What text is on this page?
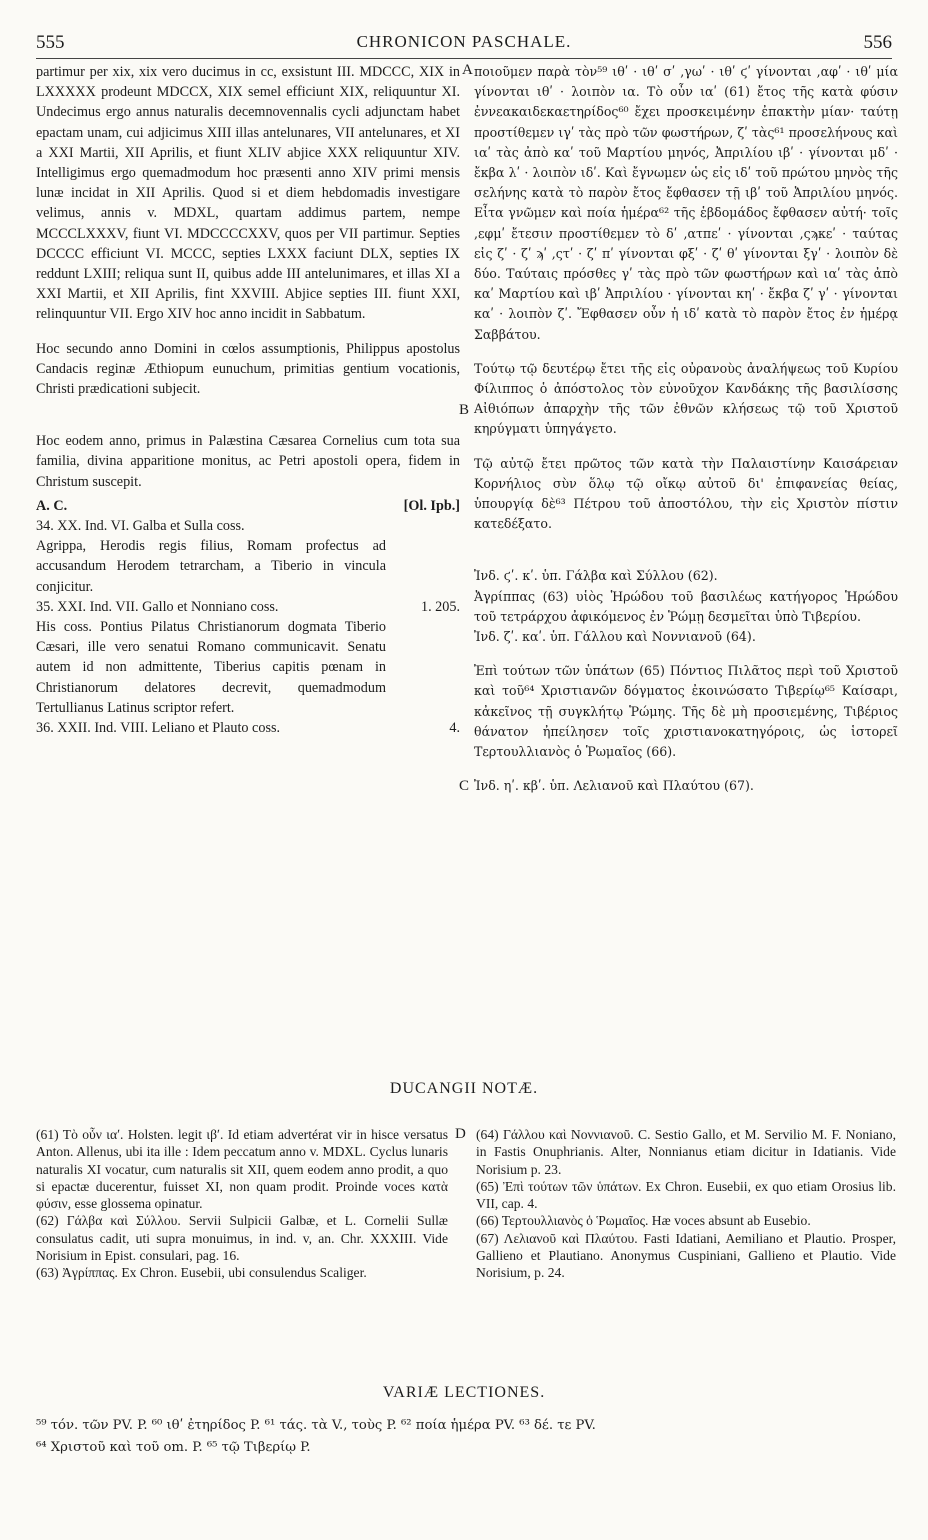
555	CHRONICON PASCHALE.	556

partimur per xix, xix vero ducimus in cc, exsistunt III. MDCCC, XIX in LXXXXX prodeunt MDCCX, XIX semel efficiunt XIX, reliquuntur XI. Undecimus ergo annus naturalis decemnovennalis cycli adjunctam habet epactam unam, cui adjicimus XIII illas antelunares, VII antelunares, et XI a XXI Martii, XII Aprilis, et fiunt XLIV abjice XXX reliquuntur XIV. Intelligimus ergo quemadmodum hoc præsenti anno XIV primi mensis lunæ incidat in XII Aprilis. Quod si et diem hebdomadis investigare velimus, annis v. MDXL, quartam addimus partem, nempe MCCCLXXXV, fiunt VI. MDCCCCXXV, quos per VII partimur. Septies DCCCC efficiunt VI. MCCC, septies LXXX faciunt DLX, septies IX reddunt LXIII; reliqua sunt II, quibus adde III antelunimares, et illas XI a XXI Martii, et XII Aprilis, fint XXVIII. Abjice septies III. fiunt XXI, relinquuntur VII. Ergo XIV hoc anno incidit in Sabbatum.

Hoc secundo anno Domini in cœlos assumptionis, Philippus apostolus Candacis reginæ Æthiopum eunuchum, primitias gentium vocationis, Christi prædicationi subjecit.

Hoc eodem anno, primus in Palæstina Cæsarea Cornelius cum tota sua familia, divina apparitione monitus, ac Petri apostoli opera, fidem in Christum suscepit.

A. C.	[Ol. Ipb.]

34. XX. Ind. VI. Galba et Sulla coss.

Agrippa, Herodis regis filius, Romam profectus ad accusandum Herodem tetrarcham, a Tiberio in vincula conjicitur.

35. XXI. Ind. VII. Gallo et Nonniano coss.	1. 205.

His coss. Pontius Pilatus Christianorum dogmata Tiberio Cæsari, ille vero senatui Romano communicavit. Senatu autem id non admittente, Tiberius capitis pœnam in Christianorum delatores decrevit, quemadmodum Tertullianus Latinus scriptor refert.

36. XXII. Ind. VIII. Leliano et Plauto coss.	4.

A
B
C
D

ποιοῦμεν παρὰ τὸν⁵⁹ ιθʹ · ιθʹ σʹ ,γωʹ · ιθʹ ϛʹ γίνονται ,αφʹ · ιθʹ μία γίνονται ιθʹ · λοιπὸν ια. Τὸ οὖν ιαʹ (61) ἔτος τῆς κατὰ φύσιν ἐννεακαιδεκαετηρίδος⁶⁰ ἔχει προσκειμένην ἐπακτὴν μίαν· ταύτῃ προστίθεμεν ιγʹ τὰς πρὸ τῶν φωστήρων, ζʹ τὰς⁶¹ προσελήνους καὶ ιαʹ τὰς ἀπὸ καʹ τοῦ Μαρτίου μηνός, Ἀπριλίου ιβʹ · γίνονται μδʹ · ἔκβα λʹ · λοιπὸν ιδʹ. Καὶ ἔγνωμεν ὡς εἰς ιδʹ τοῦ πρώτου μηνὸς τῆς σελήνης κατὰ τὸ παρὸν ἔτος ἔφθασεν τῇ ιβʹ τοῦ Ἀπριλίου μηνός. Εἶτα γνῶμεν καὶ ποία ἡμέρα⁶² τῆς ἑβδομάδος ἔφθασεν αὐτή· τοῖς ,εφμʹ ἔτεσιν προστίθεμεν τὸ δʹ ,ατπεʹ · γίνονται ,ςϡκεʹ · ταύτας εἰς ζʹ · ζʹ ϡʹ ,ςτʹ · ζʹ πʹ γίνονται φξʹ · ζʹ θʹ γίνονται ξγʹ · λοιπὸν δὲ δύο. Ταύταις πρόσθες γʹ τὰς πρὸ τῶν φωστήρων καὶ ιαʹ τὰς ἀπὸ καʹ Μαρτίου καὶ ιβʹ Ἀπριλίου · γίνονται κηʹ · ἔκβα ζʹ γʹ · γίνονται καʹ · λοιπὸν ζʹ. Ἔφθασεν οὖν ἡ ιδʹ κατὰ τὸ παρὸν ἔτος ἐν ἡμέρᾳ Σαββάτου.

Τούτῳ τῷ δευτέρῳ ἔτει τῆς εἰς οὐρανοὺς ἀναλήψεως τοῦ Κυρίου Φίλιππος ὁ ἀπόστολος τὸν εὐνοῦχον Κανδάκης τῆς βασιλίσσης Αἰθιόπων ἀπαρχὴν τῆς τῶν ἐθνῶν κλήσεως τῷ τοῦ Χριστοῦ κηρύγματι ὑπηγάγετο.

Τῷ αὐτῷ ἔτει πρῶτος τῶν κατὰ τὴν Παλαιστίνην Καισάρειαν Κορνήλιος σὺν ὅλῳ τῷ οἴκῳ αὐτοῦ δι' ἐπιφανείας θείας, ὑπουργίᾳ δὲ⁶³ Πέτρου τοῦ ἀποστόλου, τὴν εἰς Χριστὸν πίστιν κατεδέξατο.

Ἰνδ. ϛʹ. κʹ. ὑπ. Γάλβα καὶ Σύλλου (62).

Ἀγρίππας (63) υἱὸς Ἡρώδου τοῦ βασιλέως κατήγορος Ἡρώδου τοῦ τετράρχου ἀφικόμενος ἐν Ῥώμῃ δεσμεῖται ὑπὸ Τιβερίου.

Ἰνδ. ζʹ. καʹ. ὑπ. Γάλλου καὶ Νοννιανοῦ (64).

Ἐπὶ τούτων τῶν ὑπάτων (65) Πόντιος Πιλᾶτος περὶ τοῦ Χριστοῦ καὶ τοῦ⁶⁴ Χριστιανῶν δόγματος ἐκοινώσατο Τιβερίῳ⁶⁵ Καίσαρι, κἀκεῖνος τῇ συγκλήτῳ Ῥώμης. Τῆς δὲ μὴ προσιεμένης, Τιβέριος θάνατον ἠπείλησεν τοῖς χριστιανοκατηγόροις, ὡς ἱστορεῖ Τερτουλλιανὸς ὁ Ῥωμαῖος (66).

Ἰνδ. ηʹ. κβʹ. ὑπ. Λελιανοῦ καὶ Πλαύτου (67).

DUCANGII NOTÆ.

(61) Τὸ οὖν ιαʹ. Holsten. legit ιβʹ. Id etiam advertérat vir in hisce versatus Anton. Allenus, ubi ita ille : Idem peccatum anno v. MDXL. Cyclus lunaris naturalis XI vocatur, cum naturalis sit XII, quem eodem anno prodit, a quo si epactæ ducerentur, fuisset XI, non quam prodit. Proinde voces κατὰ φύσιν, esse glossema opinatur.

(62) Γάλβα καὶ Σύλλου. Servii Sulpicii Galbæ, et L. Cornelii Sullæ consulatus cadit, uti supra monuimus, in ind. v, an. Chr. XXXIII. Vide Norisium in Epist. consulari, pag. 16.

(63) Ἀγρίππας. Ex Chron. Eusebii, ubi consulendus Scaliger.

(64) Γάλλου καὶ Νοννιανοῦ. C. Sestio Gallo, et M. Servilio M. F. Noniano, in Fastis Onuphrianis. Alter, Nonnianus etiam dicitur in Idatianis. Vide Norisium p. 23.

(65) Ἐπὶ τούτων τῶν ὑπάτων. Ex Chron. Eusebii, ex quo etiam Orosius lib. VII, cap. 4.

(66) Τερτουλλιανὸς ὁ Ῥωμαῖος. Hæ voces absunt ab Eusebio.

(67) Λελιανοῦ καὶ Πλαύτου. Fasti Idatiani, Aemiliano et Plautio. Prosper, Gallieno et Plautiano. Anonymus Cuspiniani, Gallieno et Plautio. Vide Norisium, p. 24.

VARIÆ LECTIONES.
⁵⁹ τόν. τῶν PV. P. ⁶⁰ ιθʹ ἐτηρίδος P. ⁶¹ τάς. τὰ V., τοὺς P. ⁶² ποία ἡμέρα PV. ⁶³ δέ. τε PV.
⁶⁴ Χριστοῦ καὶ τοῦ om. P. ⁶⁵ τῷ Τιβερίῳ P.
